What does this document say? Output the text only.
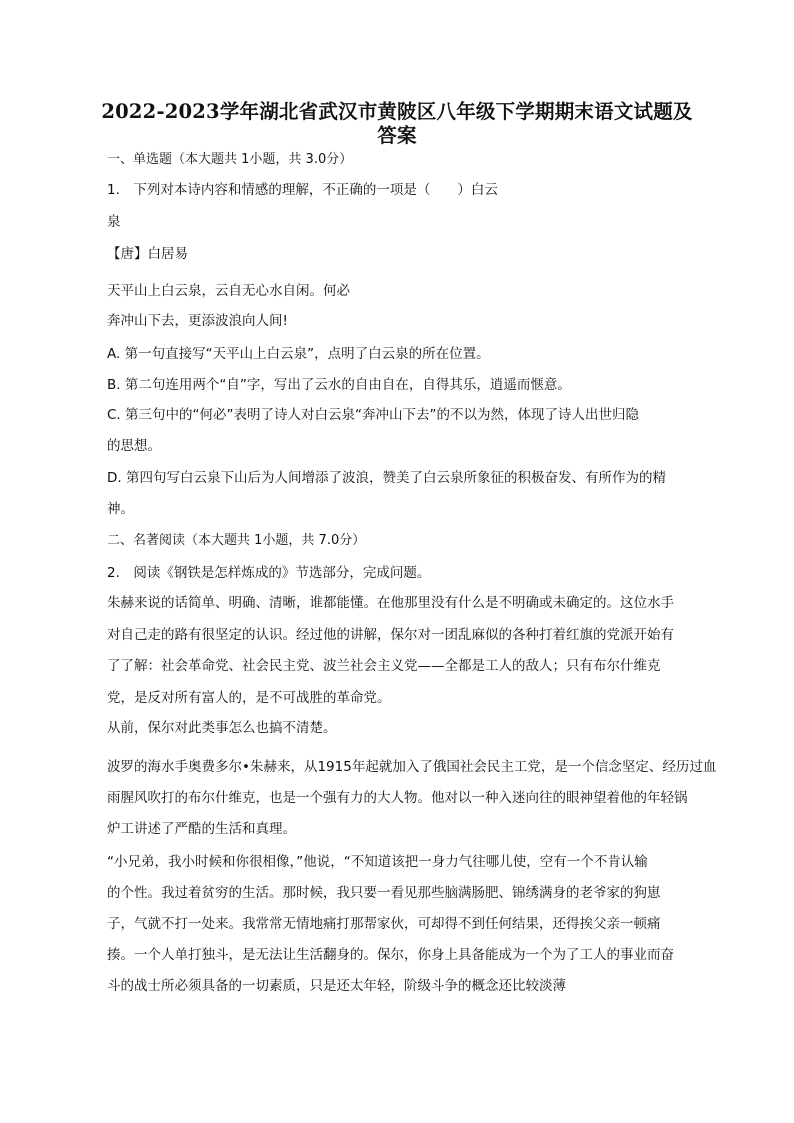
2022-2023学年湖北省武汉市黄陂区八年级下学期期末语文试题及
答案

一、单选题（本大题共 1小题，共 3.0分）

1.　下列对本诗内容和情感的理解，不正确的一项是（　　）白云

泉

【唐】白居易

天平山上白云泉，云自无心水自闲。何必

奔冲山下去，更添波浪向人间!

A. 第一句直接写“天平山上白云泉”，点明了白云泉的所在位置。

B. 第二句连用两个“自”字，写出了云水的自由自在，自得其乐，逍遥而惬意。

C. 第三句中的“何必”表明了诗人对白云泉“奔冲山下去”的不以为然，体现了诗人出世归隐

的思想。

D. 第四句写白云泉下山后为人间增添了波浪，赞美了白云泉所象征的积极奋发、有所作为的精

神。

二、名著阅读（本大题共 1小题，共 7.0分）

2.　阅读《钢铁是怎样炼成的》节选部分，完成问题。

朱赫来说的话简单、明确、清晰，谁都能懂。在他那里没有什么是不明确或未确定的。这位水手

对自己走的路有很坚定的认识。经过他的讲解，保尔对一团乱麻似的各种打着红旗的党派开始有

了了解：社会革命党、社会民主党、波兰社会主义党——全都是工人的敌人；只有布尔什维克

党，是反对所有富人的，是不可战胜的革命党。

从前，保尔对此类事怎么也搞不清楚。

波罗的海水手奥费多尔•朱赫来，从1915年起就加入了俄国社会民主工党，是一个信念坚定、经历过血

雨腥风吹打的布尔什维克，也是一个强有力的大人物。他对以一种入迷向往的眼神望着他的年轻锅

炉工讲述了严酷的生活和真理。

“小兄弟，我小时候和你很相像，”他说，“不知道该把一身力气往哪儿使，空有一个不肯认输

的个性。我过着贫穷的生活。那时候，我只要一看见那些脑满肠肥、锦绣满身的老爷家的狗崽

子，气就不打一处来。我常常无情地痛打那帮家伙，可却得不到任何结果，还得挨父亲一顿痛

揍。一个人单打独斗，是无法让生活翻身的。保尔，你身上具备能成为一个为了工人的事业而奋

斗的战士所必须具备的一切素质，只是还太年轻，阶级斗争的概念还比较淡薄
